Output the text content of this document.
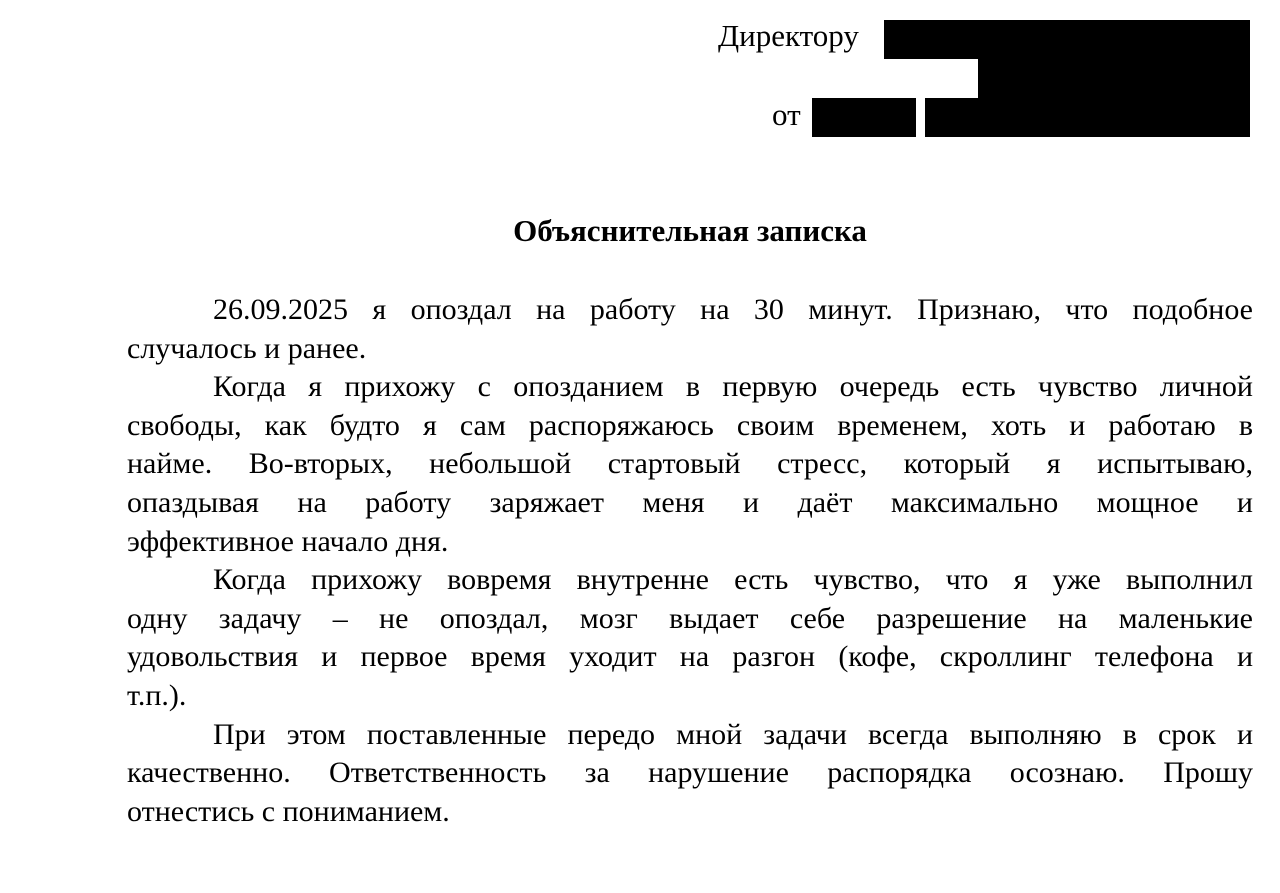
Директору
от
Объяснительная записка
26.09.2025 я опоздал на работу на 30 минут. Признаю, что подобное
случалось и ранее.
Когда я прихожу с опозданием в первую очередь есть чувство личной
свободы, как будто я сам распоряжаюсь своим временем, хоть и работаю в
найме. Во-вторых, небольшой стартовый стресс, который я испытываю,
опаздывая на работу заряжает меня и даёт максимально мощное и
эффективное начало дня.
Когда прихожу вовремя внутренне есть чувство, что я уже выполнил
одну задачу – не опоздал, мозг выдает себе разрешение на маленькие
удовольствия и первое время уходит на разгон (кофе, скроллинг телефона и
т.п.).
При этом поставленные передо мной задачи всегда выполняю в срок и
качественно. Ответственность за нарушение распорядка осознаю. Прошу
отнестись с пониманием.
